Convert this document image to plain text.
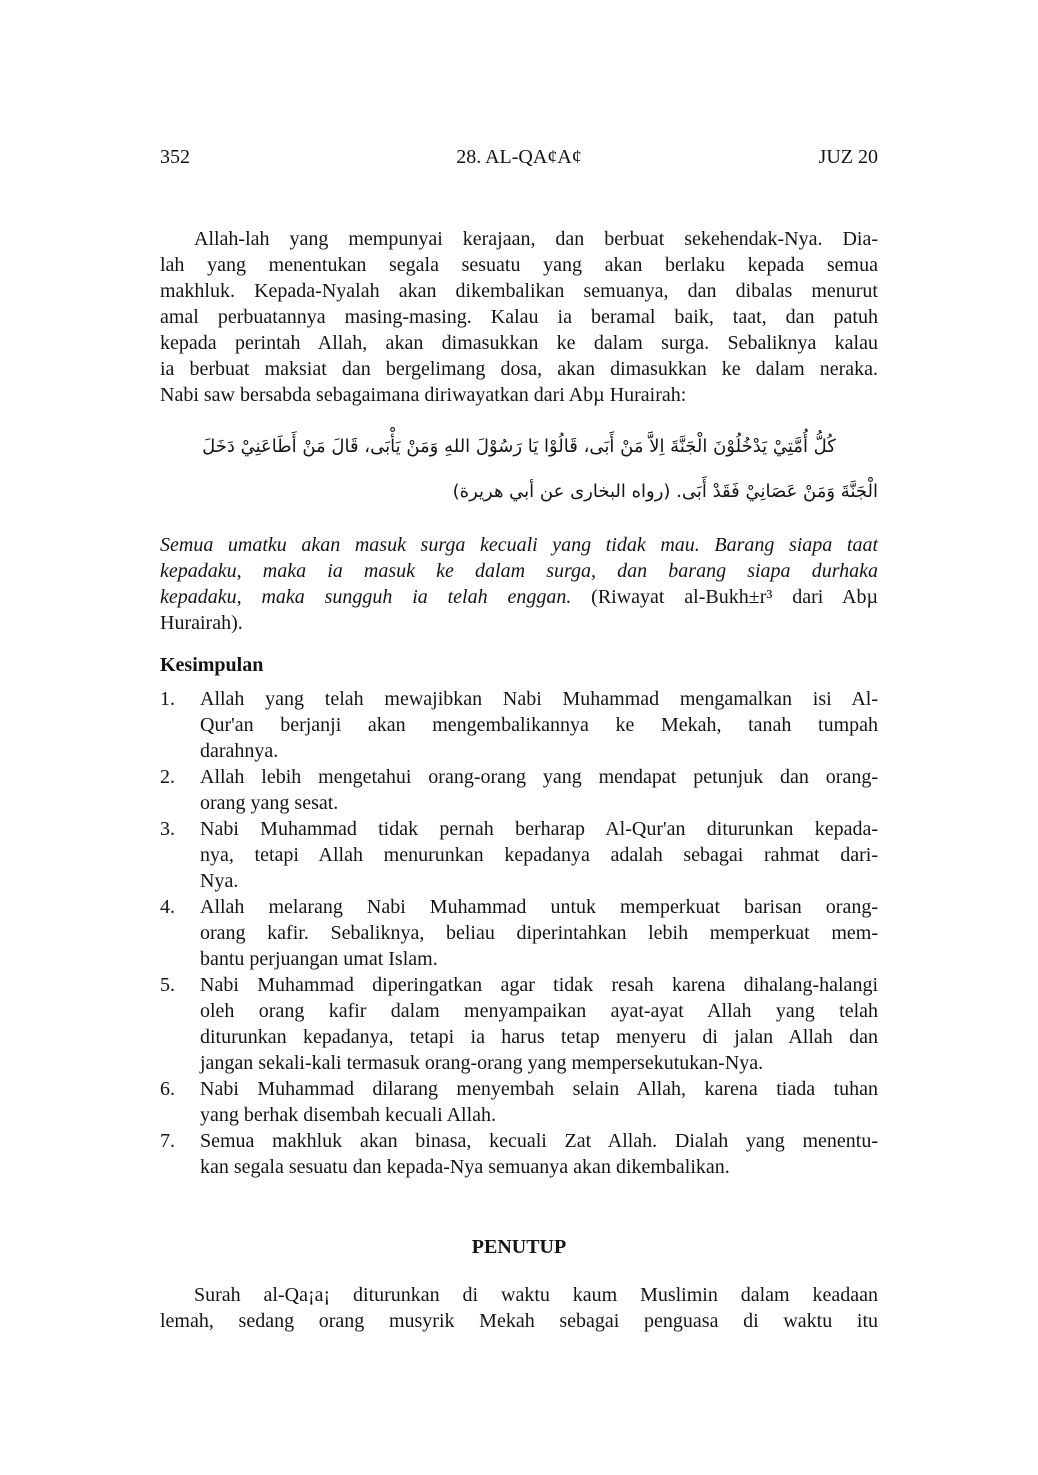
352	28. AL-QA¢A¢	JUZ 20
Allah-lah yang mempunyai kerajaan, dan berbuat sekehendak-Nya. Dia-
lah yang menentukan segala sesuatu yang akan berlaku kepada semua
makhluk. Kepada-Nyalah akan dikembalikan semuanya, dan dibalas menurut
amal perbuatannya masing-masing. Kalau ia beramal baik, taat, dan patuh
kepada perintah Allah, akan dimasukkan ke dalam surga. Sebaliknya kalau
ia berbuat maksiat dan bergelimang dosa, akan dimasukkan ke dalam neraka.
Nabi saw bersabda sebagaimana diriwayatkan dari Abµ Hurairah:
كُلُّ أُمَّتِيْ يَدْخُلُوْنَ الْجَنَّةَ اِلاَّ مَنْ أَبَى، قَالُوْا يَا رَسُوْلَ اللهِ وَمَنْ يَأْبَى، قَالَ مَنْ أَطَاعَنِيْ دَخَلَ
الْجَنَّةَ وَمَنْ عَصَانِيْ فَقَدْ أَبَى. (رواه البخارى عن أبي هريرة)
Semua umatku akan masuk surga kecuali yang tidak mau. Barang siapa taat
kepadaku, maka ia masuk ke dalam surga, dan barang siapa durhaka
kepadaku, maka sungguh ia telah enggan. (Riwayat al-Bukh±r³ dari Abµ
Hurairah).
Kesimpulan
1.	Allah yang telah mewajibkan Nabi Muhammad mengamalkan isi Al-
Qur'an berjanji akan mengembalikannya ke Mekah, tanah tumpah
darahnya.
2.	Allah lebih mengetahui orang-orang yang mendapat petunjuk dan orang-
orang yang sesat.
3.	Nabi Muhammad tidak pernah berharap Al-Qur'an diturunkan kepada-
nya, tetapi Allah menurunkan kepadanya adalah sebagai rahmat dari-
Nya.
4.	Allah melarang Nabi Muhammad untuk memperkuat barisan orang-
orang kafir. Sebaliknya, beliau diperintahkan lebih memperkuat mem-
bantu perjuangan umat Islam.
5.	Nabi Muhammad diperingatkan agar tidak resah karena dihalang-halangi
oleh orang kafir dalam menyampaikan ayat-ayat Allah yang telah
diturunkan kepadanya, tetapi ia harus tetap menyeru di jalan Allah dan
jangan sekali-kali termasuk orang-orang yang mempersekutukan-Nya.
6.	Nabi Muhammad dilarang menyembah selain Allah, karena tiada tuhan
yang berhak disembah kecuali Allah.
7.	Semua makhluk akan binasa, kecuali Zat Allah. Dialah yang menentu-
kan segala sesuatu dan kepada-Nya semuanya akan dikembalikan.
PENUTUP
Surah al-Qa¡a¡ diturunkan di waktu kaum Muslimin dalam keadaan
lemah, sedang orang musyrik Mekah sebagai penguasa di waktu itu
